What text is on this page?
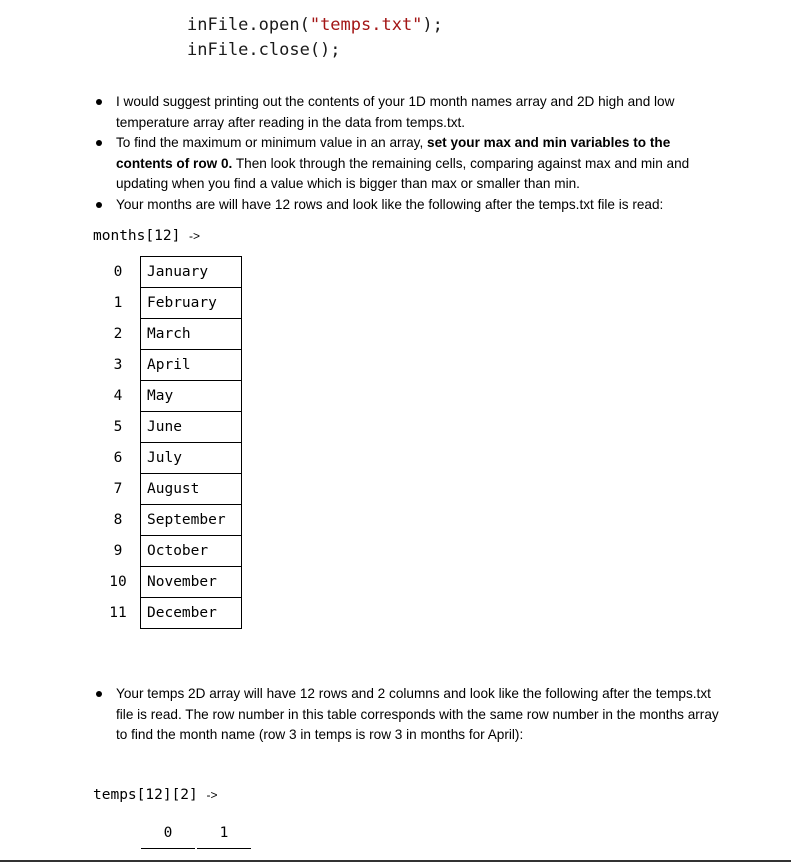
inFile.open("temps.txt");
inFile.close();
I would suggest printing out the contents of your 1D month names array and 2D high and low temperature array after reading in the data from temps.txt.
To find the maximum or minimum value in an array, set your max and min variables to the contents of row 0. Then look through the remaining cells, comparing against max and min and updating when you find a value which is bigger than max or smaller than min.
Your months are will have 12 rows and look like the following after the temps.txt file is read:
months[12] ->
0	January
1	February
2	March
3	April
4	May
5	June
6	July
7	August
8	September
9	October
10	November
11	December
Your temps 2D array will have 12 rows and 2 columns and look like the following after the temps.txt file is read. The row number in this table corresponds with the same row number in the months array to find the month name (row 3 in temps is row 3 in months for April):
temps[12][2] ->
0	1
